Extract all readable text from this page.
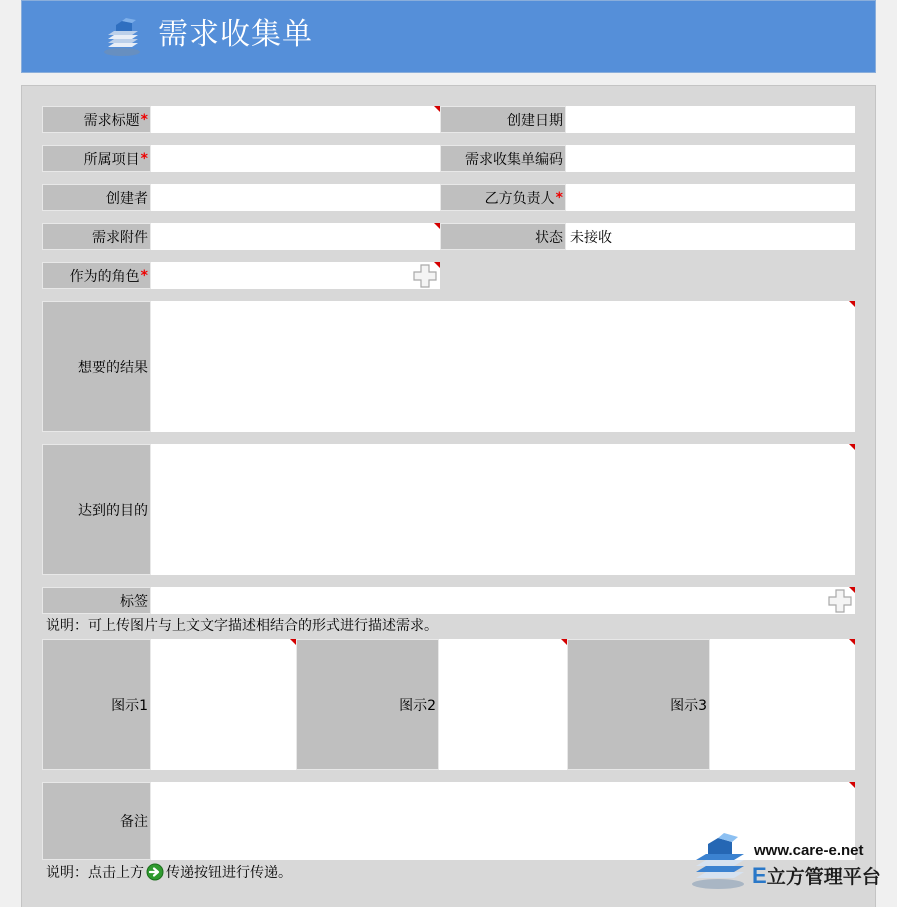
需求收集单
需求标题 *	创建日期
所属项目 *	需求收集单编码
创建者	乙方负责人 *
需求附件	状态 未接收
作为的角色 *
想要的结果
达到的目的
标签
说明：可上传图片与上文文字描述相结合的形式进行描述需求。
图示1	图示2	图示3
备注
说明：点击上方 传递按钮进行传递。
www.care-e.net
E立方管理平台
